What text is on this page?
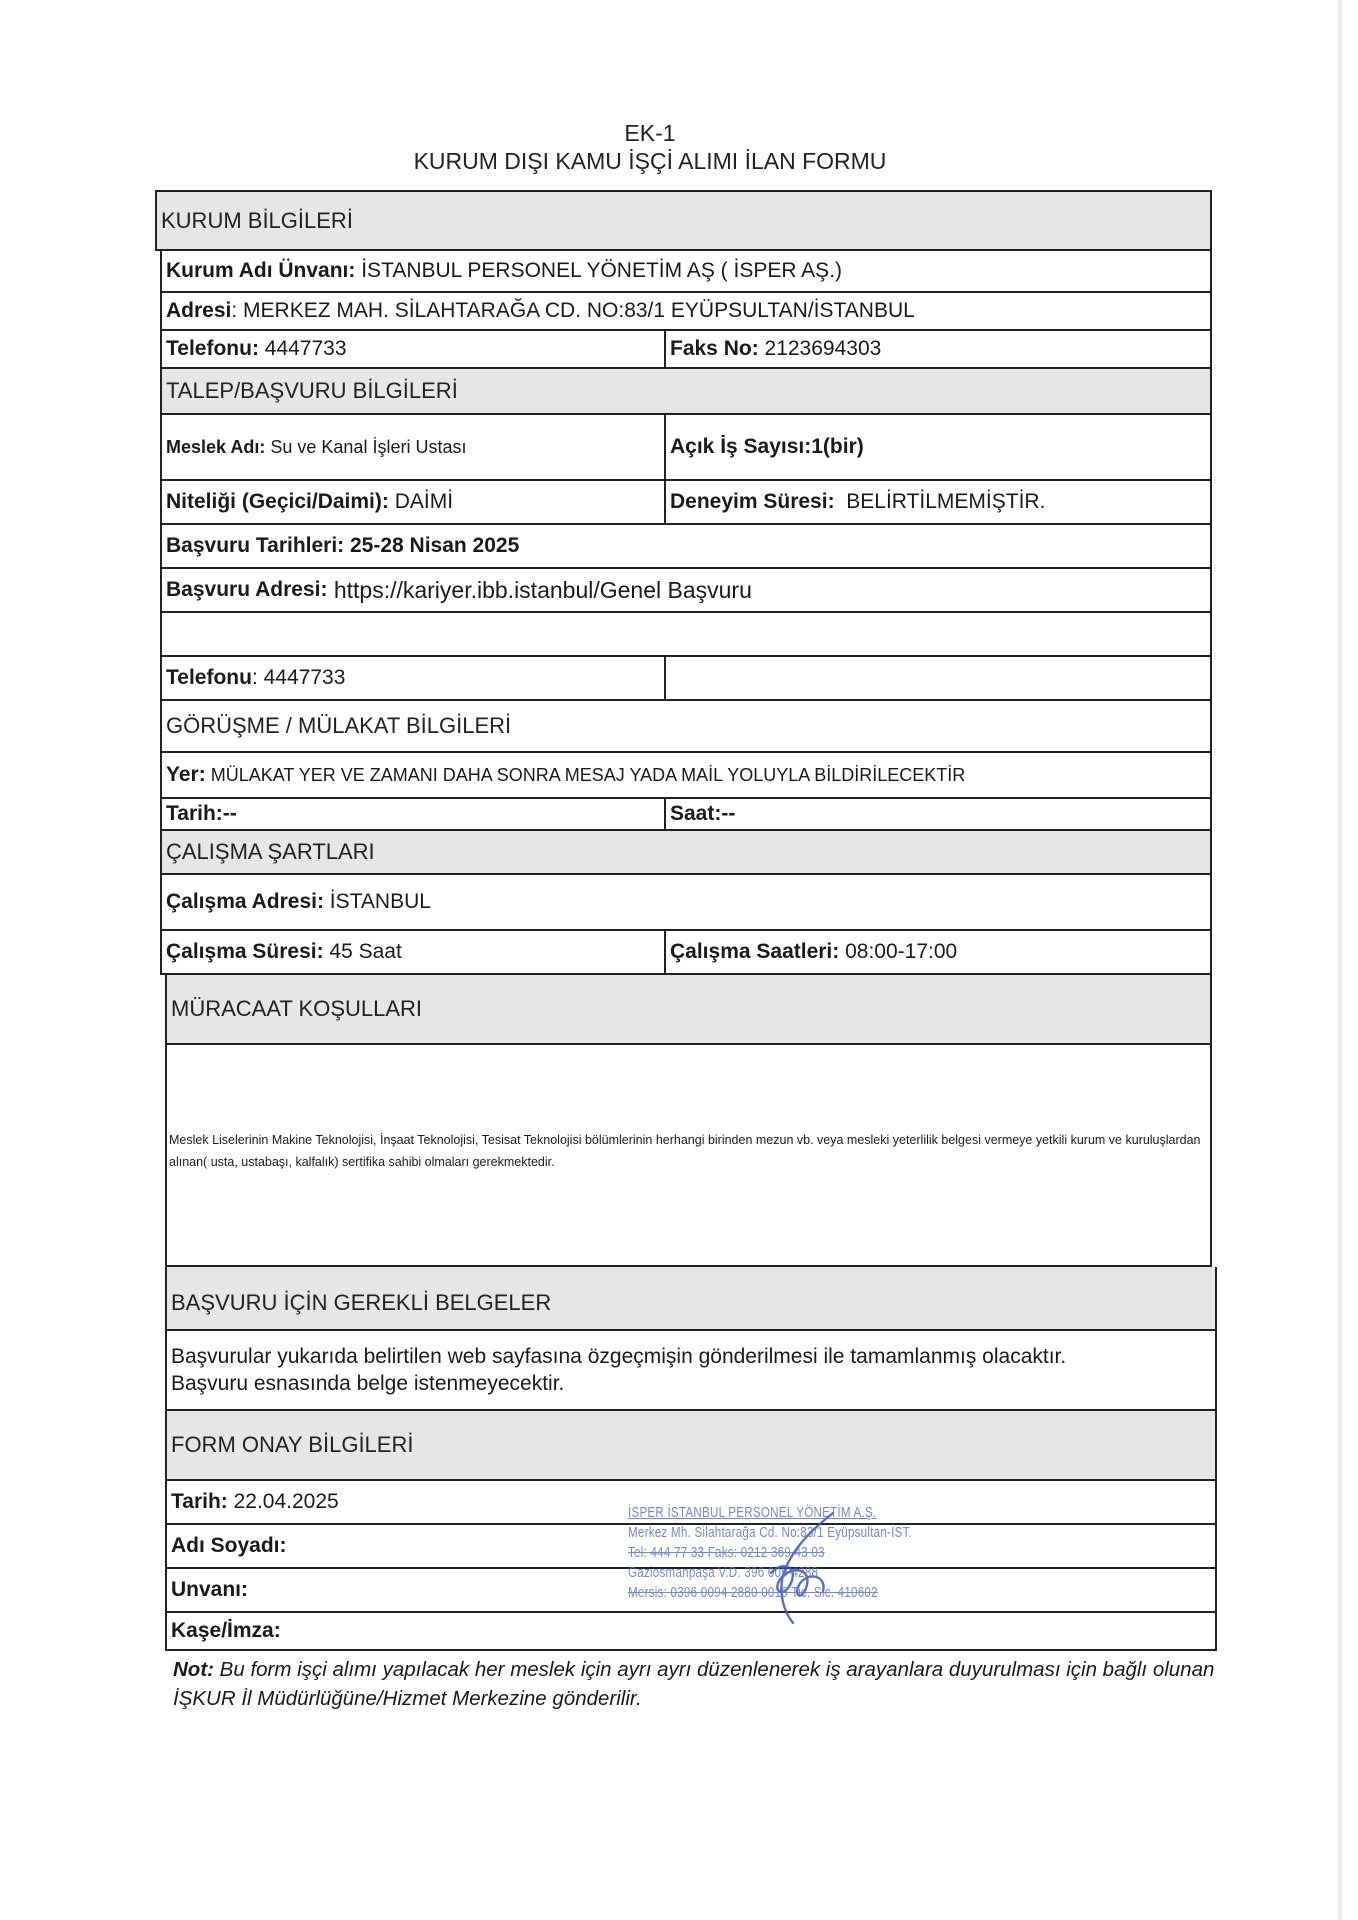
EK-1
KURUM DIŞI KAMU İŞÇİ ALIMI İLAN FORMU
KURUM BİLGİLERİ
Kurum Adı Ünvanı: İSTANBUL PERSONEL YÖNETİM AŞ ( İSPER AŞ.)
Adresi : MERKEZ MAH. SİLAHTARAĞA CD. NO:83/1 EYÜPSULTAN/İSTANBUL
Telefonu: 4447733	Faks No: 2123694303
TALEP/BAŞVURU BİLGİLERİ
Meslek Adı: Su ve Kanal İşleri Ustası	Açık İş Sayısı:1(bir)
Niteliği (Geçici/Daimi): DAİMİ	Deneyim Süresi: BELİRTİLMEMİŞTİR.
Başvuru Tarihleri: 25-28 Nisan 2025
Başvuru Adresi: https://kariyer.ibb.istanbul/Genel Başvuru
Telefonu : 4447733
GÖRÜŞME / MÜLAKAT BİLGİLERİ
Yer: MÜLAKAT YER VE ZAMANI DAHA SONRA MESAJ YADA MAİL YOLUYLA BİLDİRİLECEKTİR
Tarih:--	Saat:--
ÇALIŞMA ŞARTLARI
Çalışma Adresi: İSTANBUL
Çalışma Süresi: 45 Saat	Çalışma Saatleri: 08:00-17:00
MÜRACAAT KOŞULLARI
Meslek Liselerinin Makine Teknolojisi, İnşaat Teknolojisi, Tesisat Teknolojisi bölümlerinin herhangi birinden mezun vb. veya mesleki yeterlilik belgesi vermeye yetkili kurum ve kuruluşlardan alınan( usta, ustabaşı, kalfalık) sertifika sahibi olmaları gerekmektedir.
BAŞVURU İÇİN GEREKLİ BELGELER
Başvurular yukarıda belirtilen web sayfasına özgeçmişin gönderilmesi ile tamamlanmış olacaktır.
Başvuru esnasında belge istenmeyecektir.
FORM ONAY BİLGİLERİ
Tarih: 22.04.2025
Adı Soyadı:
Unvanı:
Kaşe/İmza:
İSPER İSTANBUL PERSONEL YÖNETİM A.Ş.
Merkez Mh. Silahtarağa Cd. No:83/1 Eyüpsultan-İST.
Tel: 444 77 33 Faks: 0212 369 43 03
Gaziosmanpaşa V.D. 396 009 4288
Mersis: 0396 0094 2880 0016 Tic. Sic. 410602
Not: Bu form işçi alımı yapılacak her meslek için ayrı ayrı düzenlenerek iş arayanlara duyurulması için bağlı olunan İŞKUR İl Müdürlüğüne/Hizmet Merkezine gönderilir.
